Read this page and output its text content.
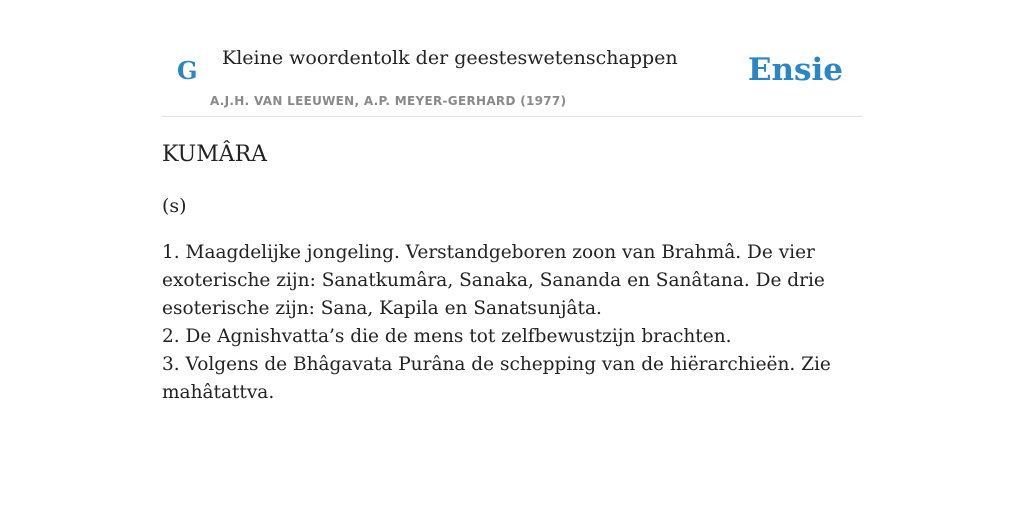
G Kleine woordentolk der geesteswetenschappen
A.J.H. VAN LEEUWEN, A.P. MEYER-GERHARD (1977)
Ensie
KUMÂRA
(s)

1. Maagdelijke jongeling. Verstandgeboren zoon van Brahmâ. De vier exoterische zijn: Sanatkumâra, Sanaka, Sananda en Sanâtana. De drie esoterische zijn: Sana, Kapila en Sanatsunjâta.

2. De Agnishvatta’s die de mens tot zelfbewustzijn brachten.

3. Volgens de Bhâgavata Purâna de schepping van de hiërarchieën. Zie mahâtattva.
